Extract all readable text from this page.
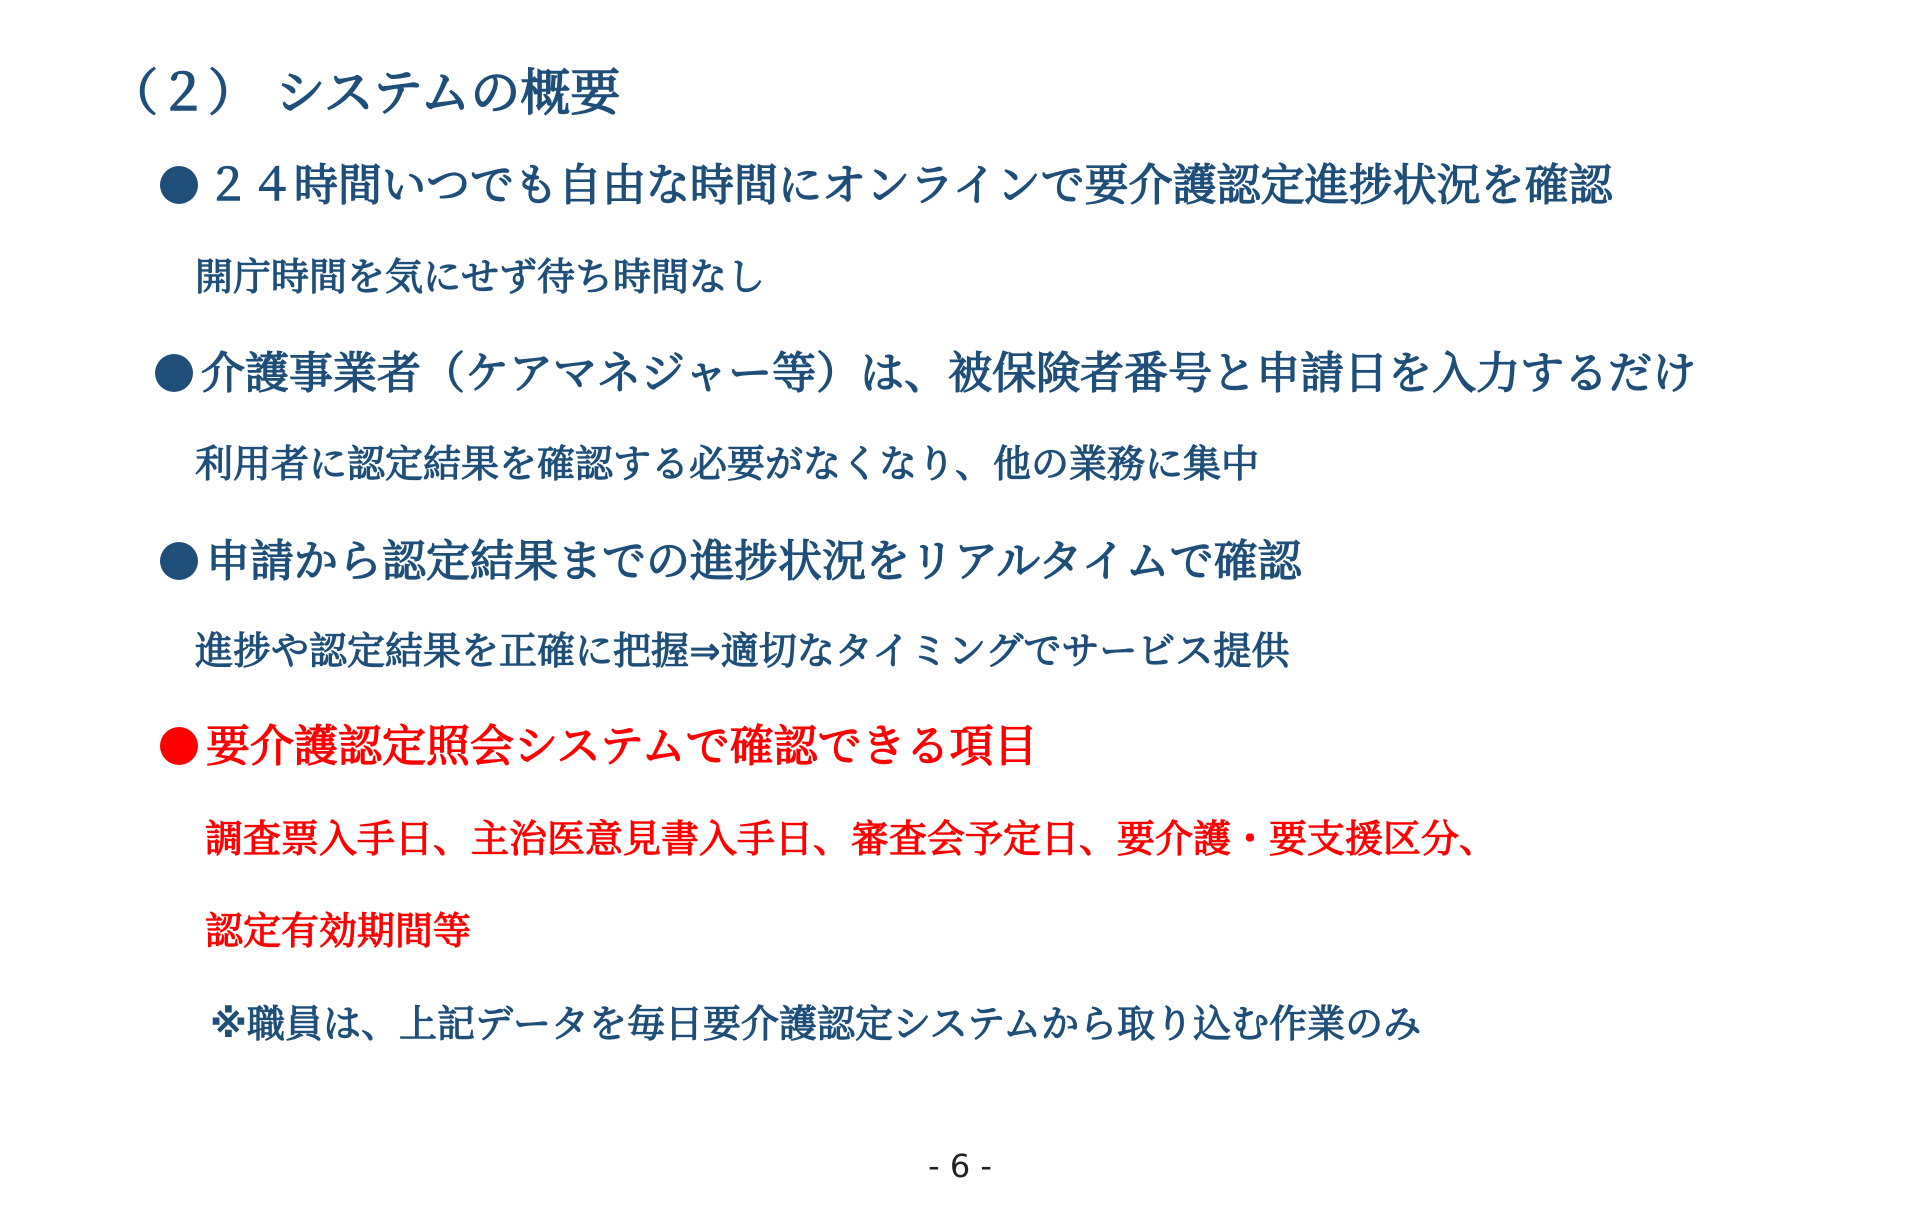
（２） システムの概要
２４時間いつでも自由な時間にオンラインで要介護認定進捗状況を確認
開庁時間を気にせず待ち時間なし
介護事業者（ケアマネジャー等）は、被保険者番号と申請日を入力するだけ
利用者に認定結果を確認する必要がなくなり、他の業務に集中
申請から認定結果までの進捗状況をリアルタイムで確認
進捗や認定結果を正確に把握⇒適切なタイミングでサービス提供
要介護認定照会システムで確認できる項目
調査票入手日、主治医意見書入手日、審査会予定日、要介護・要支援区分、
認定有効期間等
※職員は、上記データを毎日要介護認定システムから取り込む作業のみ
- 6 -
